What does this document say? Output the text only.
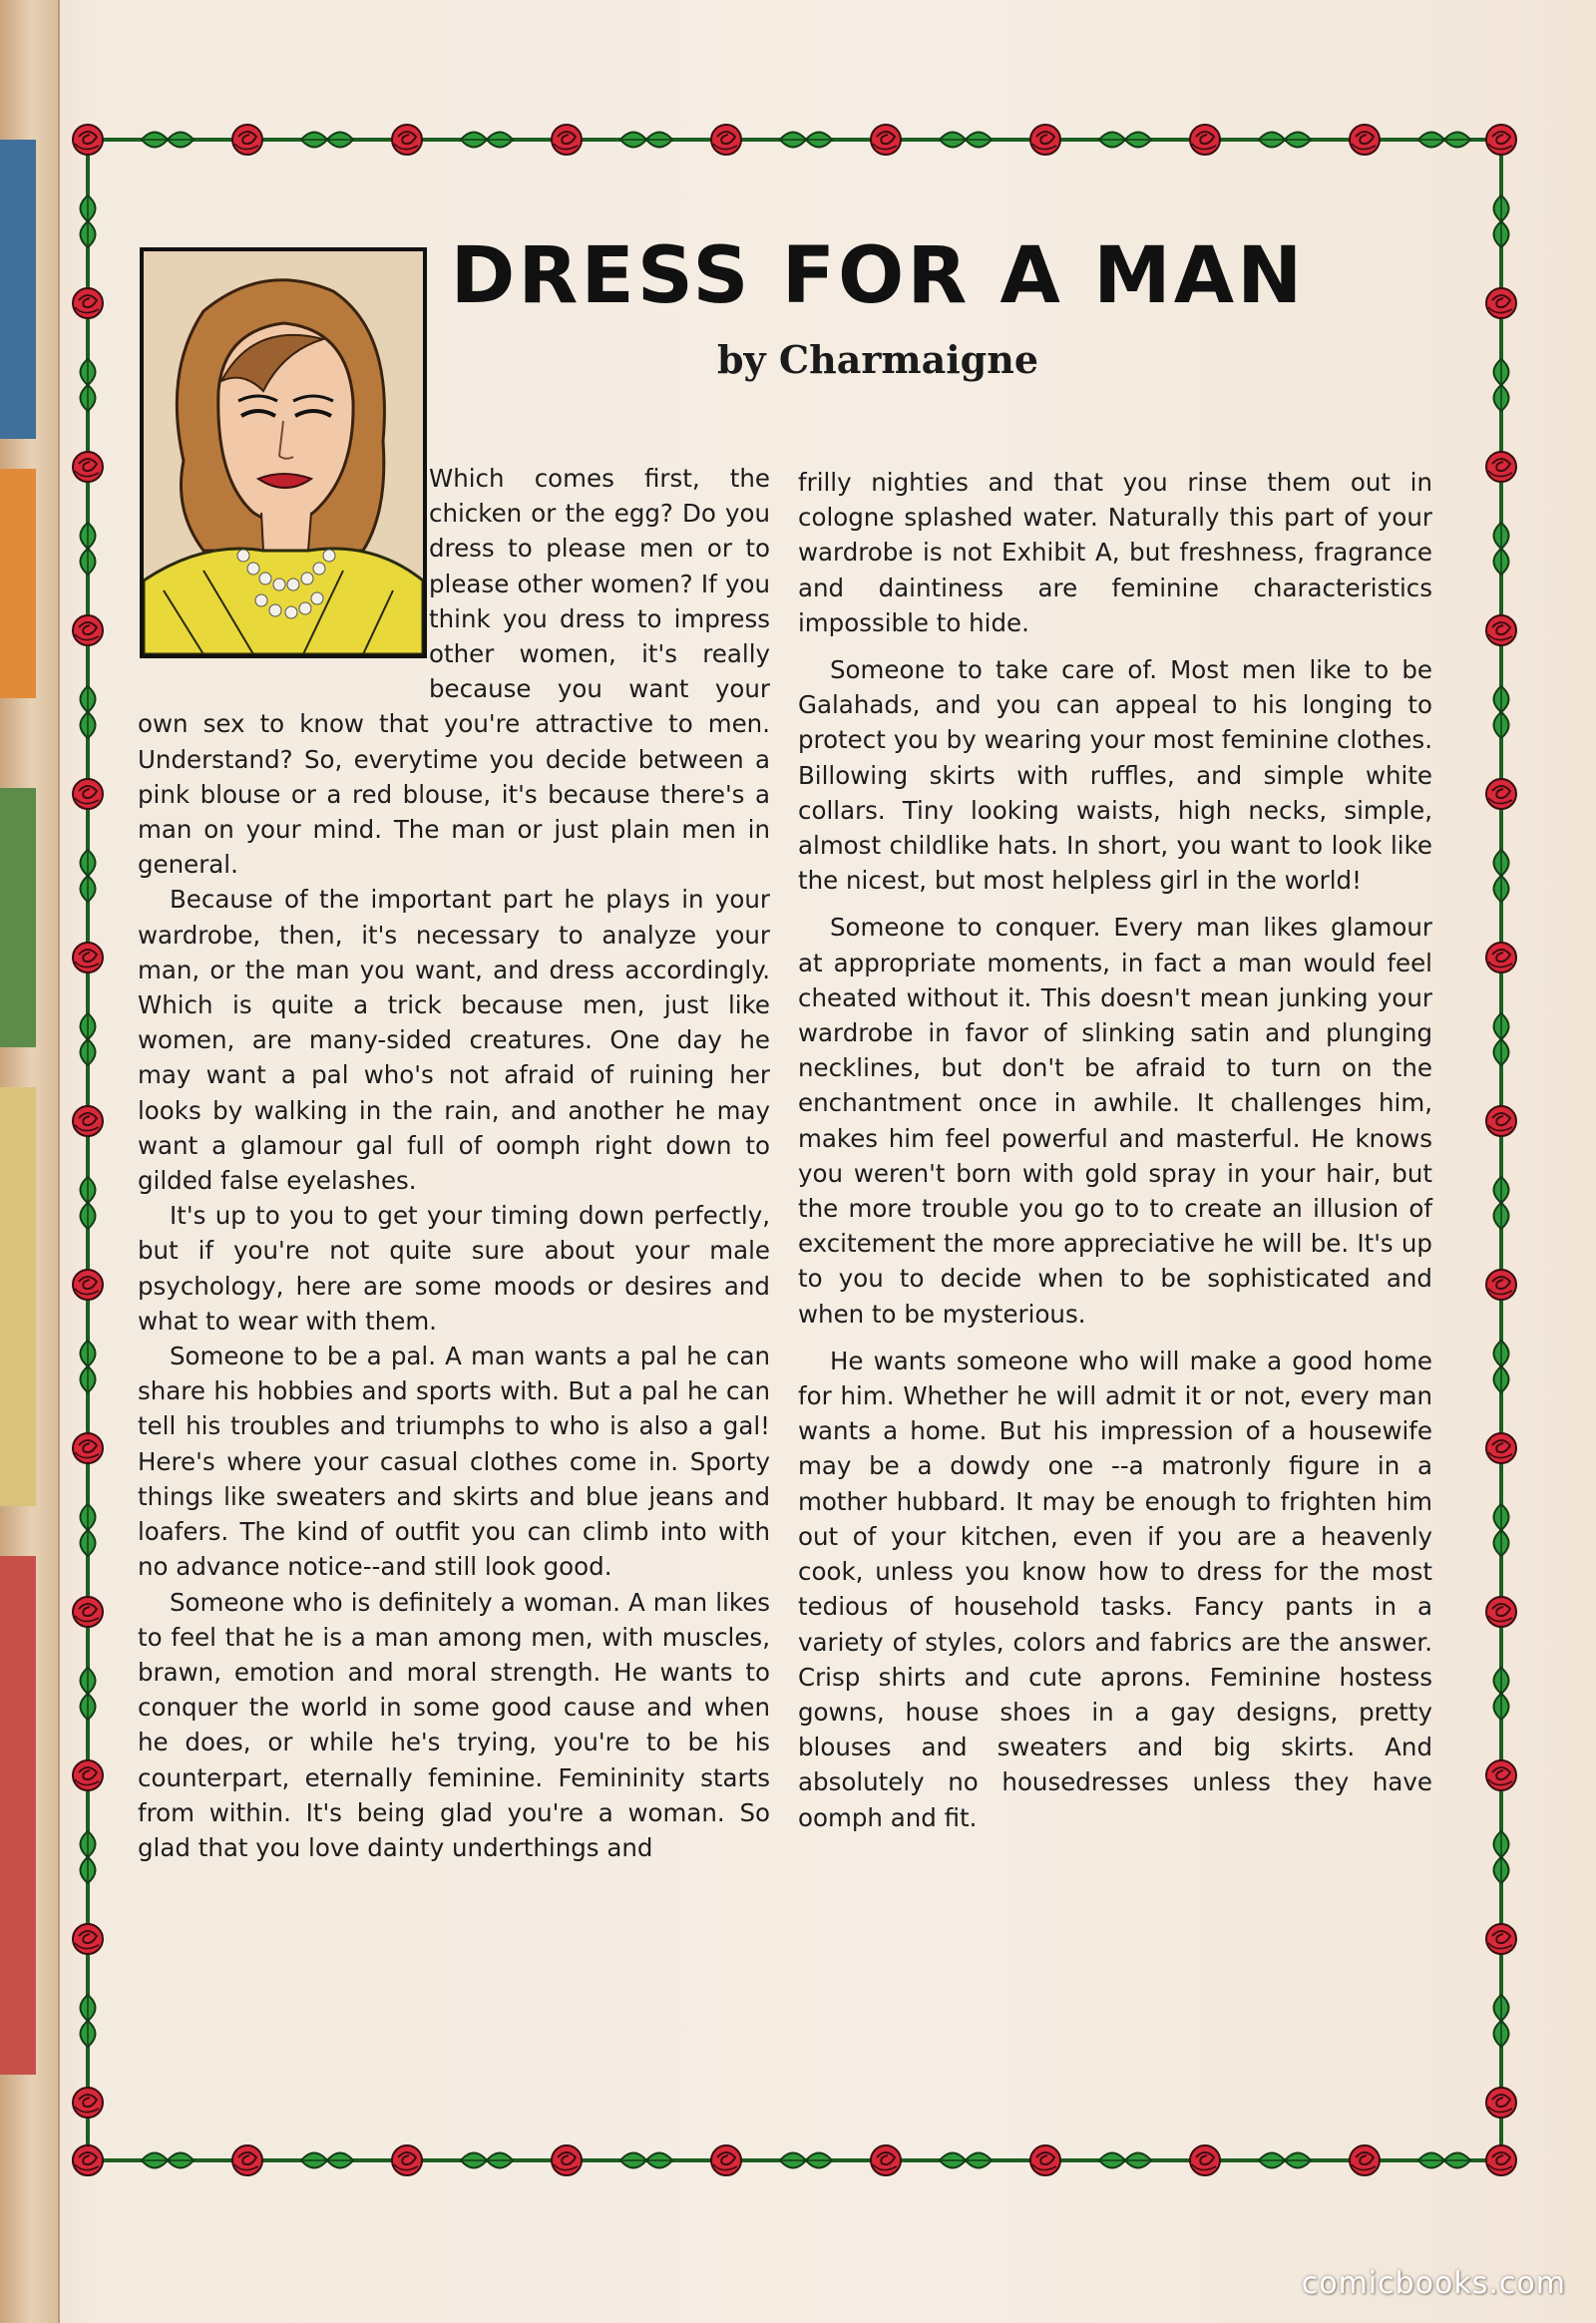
DRESS FOR A MAN
by Charmaigne

Which comes first, the chicken or the egg? Do you dress to please men or to please other women? If you think you dress to impress other women, it's really because you want your own sex to know that you're attractive to men. Understand? So, everytime you decide between a pink blouse or a red blouse, it's because there's a man on your mind. The man or just plain men in general.

Because of the important part he plays in your wardrobe, then, it's necessary to analyze your man, or the man you want, and dress accordingly. Which is quite a trick because men, just like women, are many-sided creatures. One day he may want a pal who's not afraid of ruining her looks by walking in the rain, and another he may want a glamour gal full of oomph right down to gilded false eyelashes.

It's up to you to get your timing down perfectly, but if you're not quite sure about your male psychology, here are some moods or desires and what to wear with them.

Someone to be a pal. A man wants a pal he can share his hobbies and sports with. But a pal he can tell his troubles and triumphs to who is also a gal! Here's where your casual clothes come in. Sporty things like sweaters and skirts and blue jeans and loafers. The kind of outfit you can climb into with no advance notice--and still look good.

Someone who is definitely a woman. A man likes to feel that he is a man among men, with muscles, brawn, emotion and moral strength. He wants to conquer the world in some good cause and when he does, or while he's trying, you're to be his counterpart, eternally feminine. Femininity starts from within. It's being glad you're a woman. So glad that you love dainty underthings and

frilly nighties and that you rinse them out in cologne splashed water. Naturally this part of your wardrobe is not Exhibit A, but freshness, fragrance and daintiness are feminine characteristics impossible to hide.

Someone to take care of. Most men like to be Galahads, and you can appeal to his longing to protect you by wearing your most feminine clothes. Billowing skirts with ruffles, and simple white collars. Tiny looking waists, high necks, simple, almost childlike hats. In short, you want to look like the nicest, but most helpless girl in the world!

Someone to conquer. Every man likes glamour at appropriate moments, in fact a man would feel cheated without it. This doesn't mean junking your wardrobe in favor of slinking satin and plunging necklines, but don't be afraid to turn on the enchantment once in awhile. It challenges him, makes him feel powerful and masterful. He knows you weren't born with gold spray in your hair, but the more trouble you go to to create an illusion of excitement the more appreciative he will be. It's up to you to decide when to be sophisticated and when to be mysterious.

He wants someone who will make a good home for him. Whether he will admit it or not, every man wants a home. But his impression of a housewife may be a dowdy one --a matronly figure in a mother hubbard. It may be enough to frighten him out of your kitchen, even if you are a heavenly cook, unless you know how to dress for the most tedious of household tasks. Fancy pants in a variety of styles, colors and fabrics are the answer. Crisp shirts and cute aprons. Feminine hostess gowns, house shoes in a gay designs, pretty blouses and sweaters and big skirts. And absolutely no housedresses unless they have oomph and fit.

comicbooks.com
